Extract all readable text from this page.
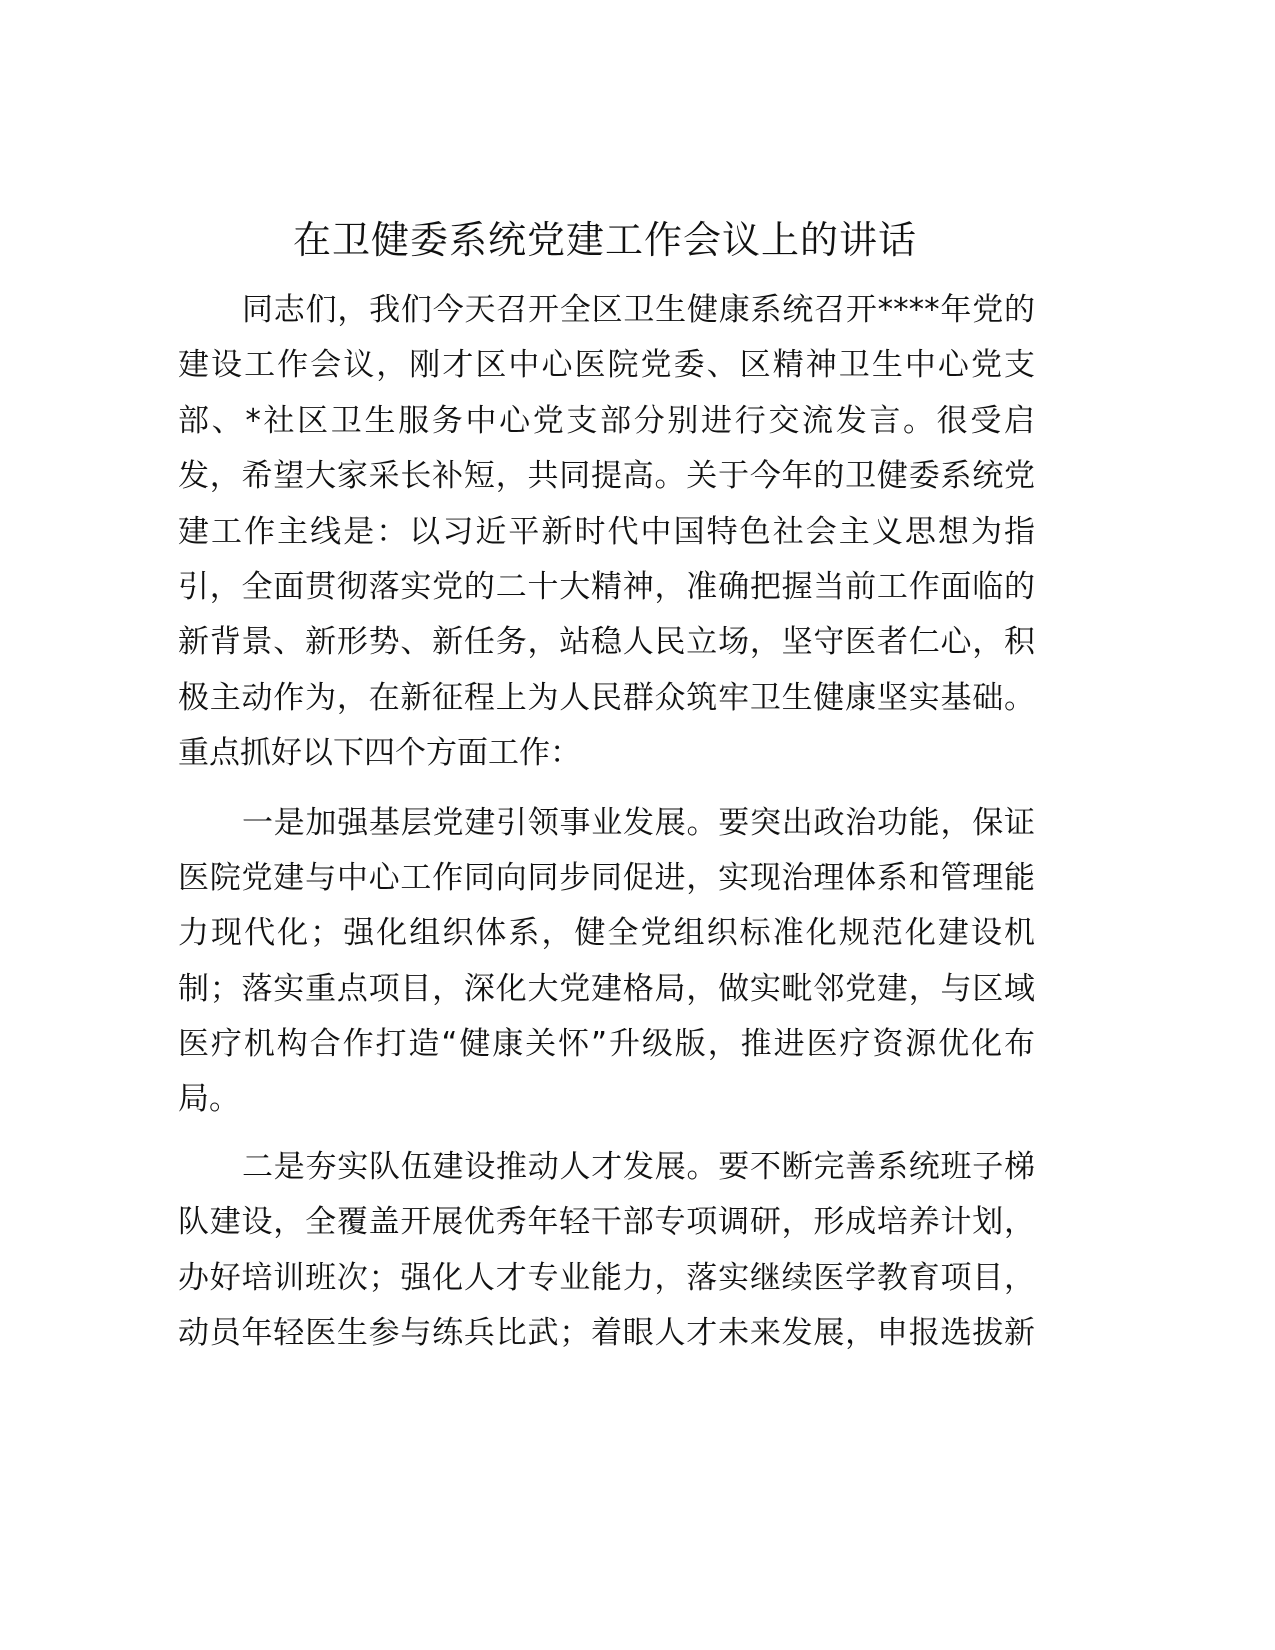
在卫健委系统党建工作会议上的讲话
同志们，我们今天召开全区卫生健康系统召开****年党的
建设工作会议，刚才区中心医院党委、区精神卫生中心党支
部、*社区卫生服务中心党支部分别进行交流发言。很受启
发，希望大家采长补短，共同提高。关于今年的卫健委系统党
建工作主线是：以习近平新时代中国特色社会主义思想为指
引，全面贯彻落实党的二十大精神，准确把握当前工作面临的
新背景、新形势、新任务，站稳人民立场，坚守医者仁心，积
极主动作为，在新征程上为人民群众筑牢卫生健康坚实基础。
重点抓好以下四个方面工作：
一是加强基层党建引领事业发展。要突出政治功能，保证
医院党建与中心工作同向同步同促进，实现治理体系和管理能
力现代化；强化组织体系，健全党组织标准化规范化建设机
制；落实重点项目，深化大党建格局，做实毗邻党建，与区域
医疗机构合作打造“健康关怀”升级版，推进医疗资源优化布
局。
二是夯实队伍建设推动人才发展。要不断完善系统班子梯
队建设，全覆盖开展优秀年轻干部专项调研，形成培养计划，
办好培训班次；强化人才专业能力，落实继续医学教育项目，
动员年轻医生参与练兵比武；着眼人才未来发展，申报选拔新
